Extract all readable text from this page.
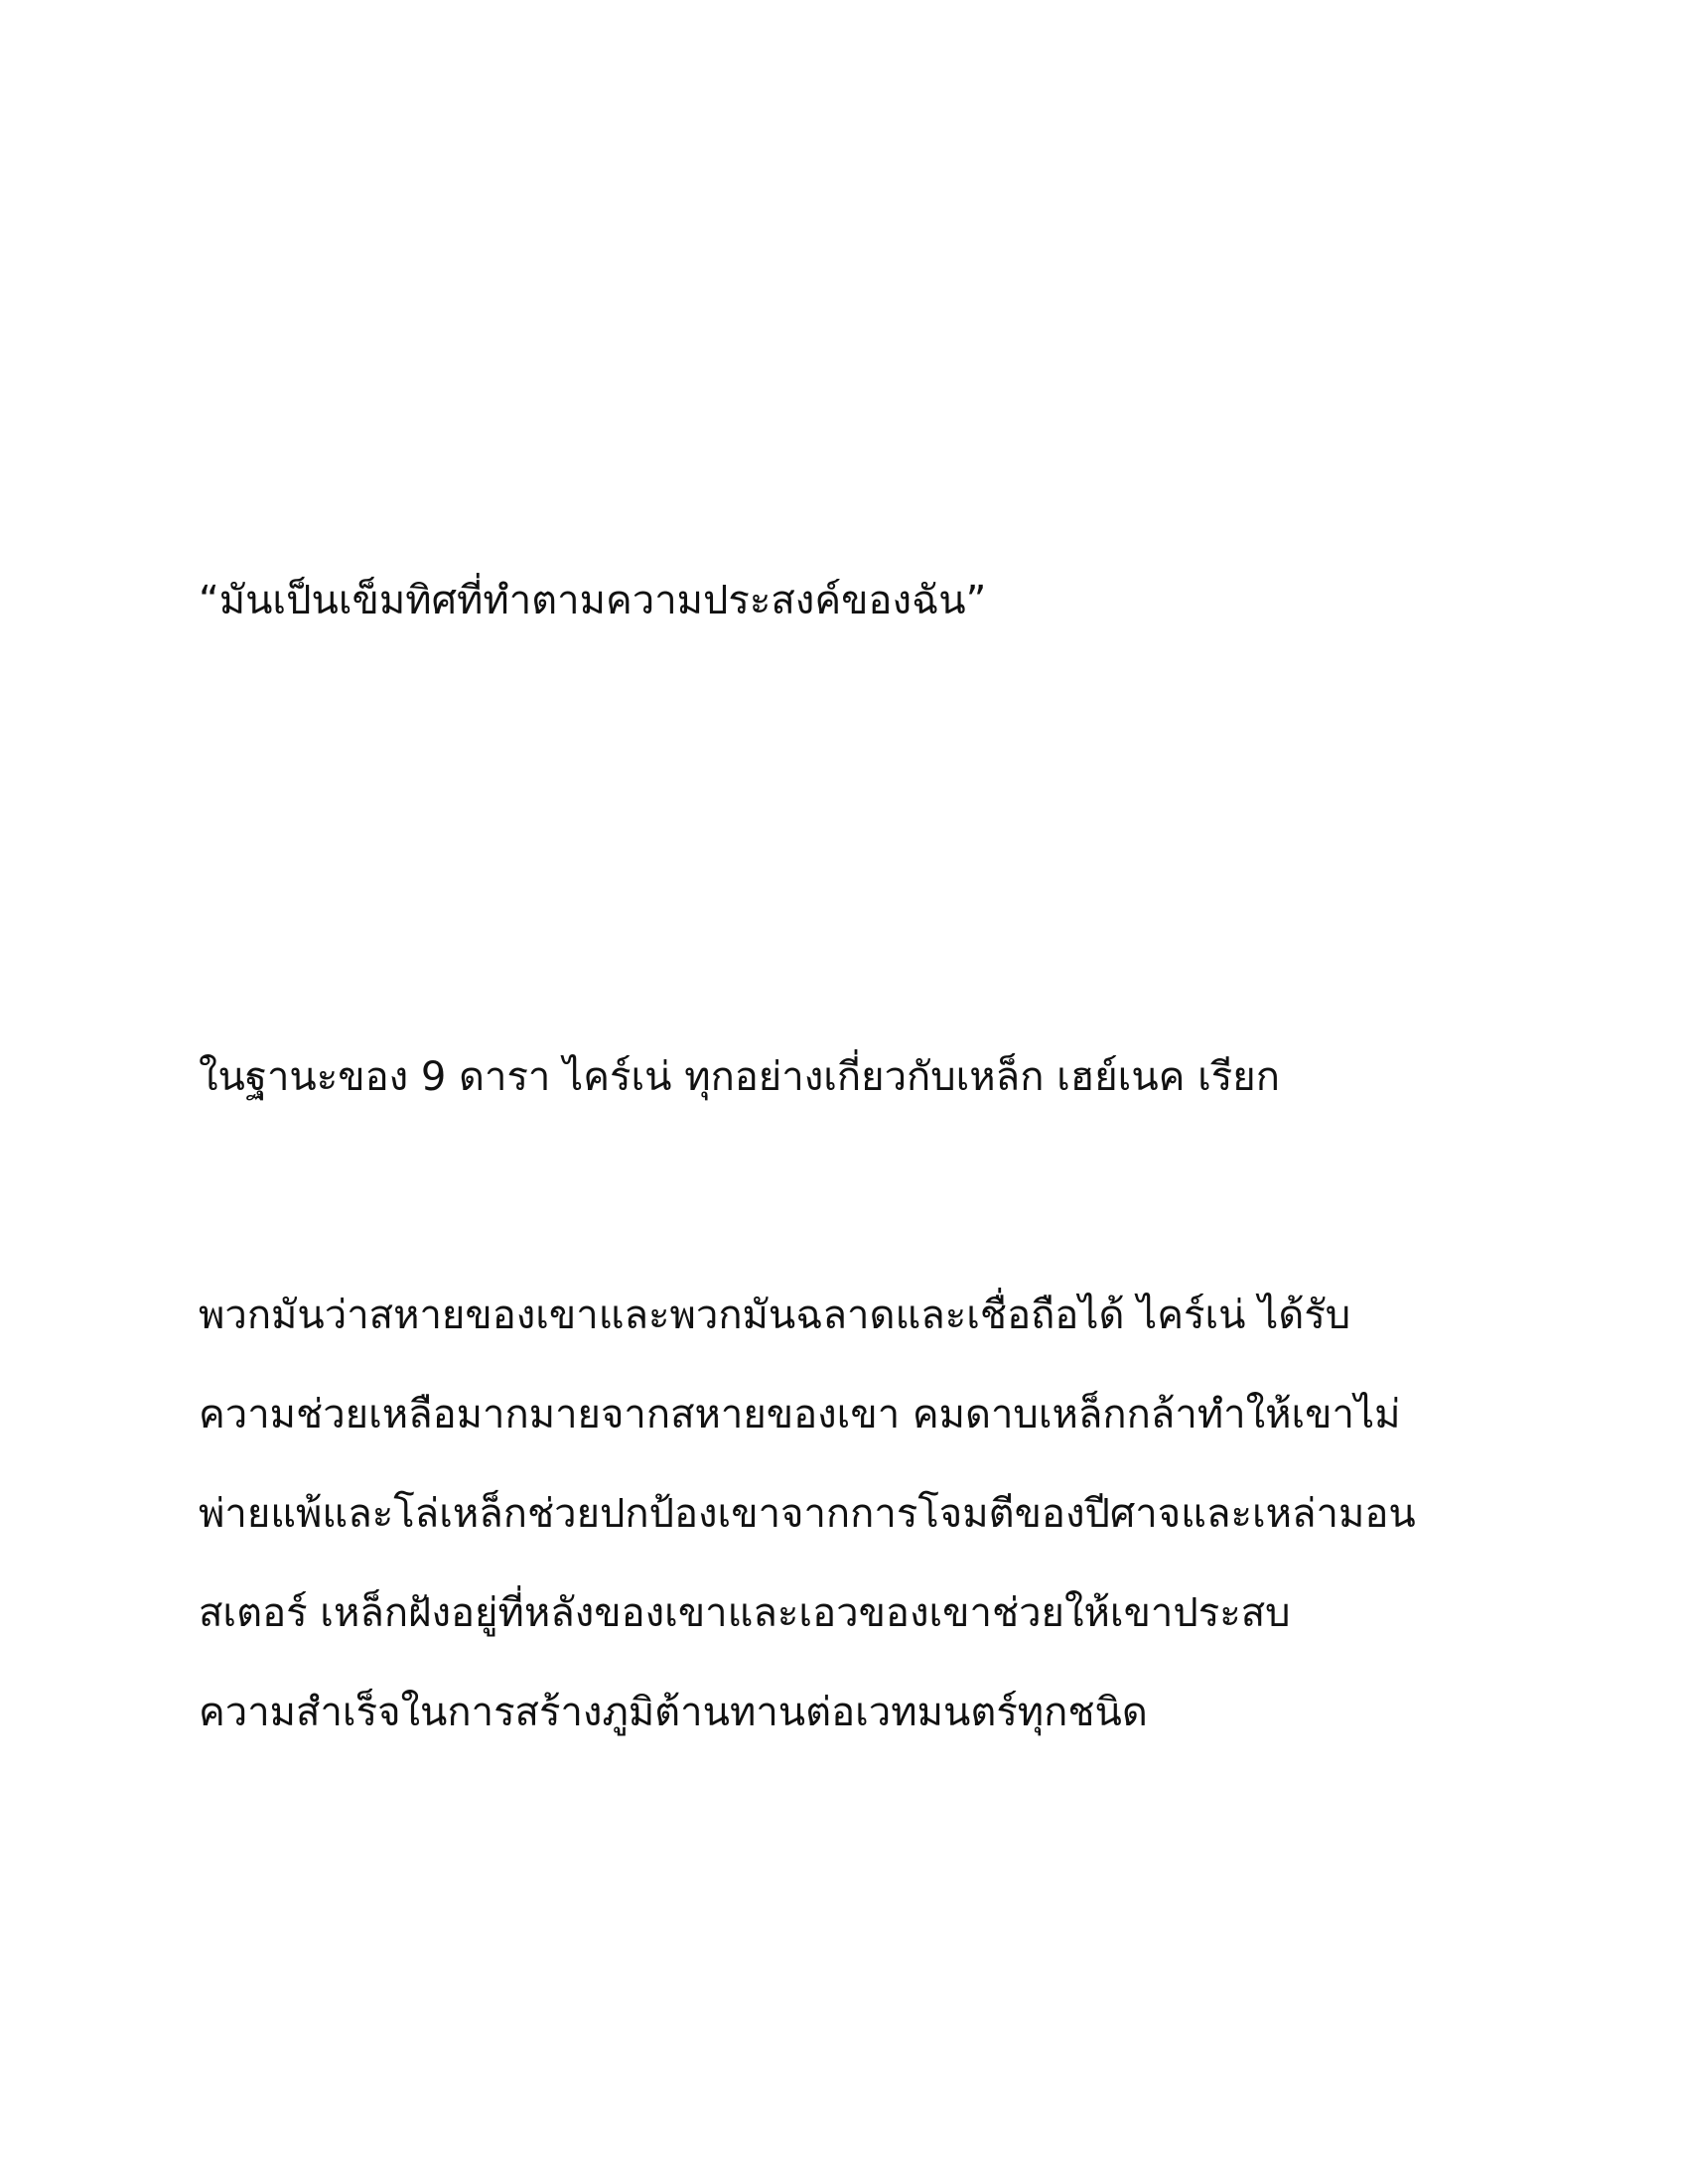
“มันเป็นเข็มทิศที่ทำตามความประสงค์ของฉัน”

ในฐานะของ 9 ดารา ไคร์เน่ ทุกอย่างเกี่ยวกับเหล็ก เฮย์เนค เรียก

พวกมันว่าสหายของเขาและพวกมันฉลาดและเชื่อถือได้ ไคร์เน่ ได้รับ

ความช่วยเหลือมากมายจากสหายของเขา คมดาบเหล็กกล้าทำให้เขาไม่

พ่ายแพ้และโล่เหล็กช่วยปกป้องเขาจากการโจมตีของปีศาจและเหล่ามอน

สเตอร์ เหล็กฝังอยู่ที่หลังของเขาและเอวของเขาช่วยให้เขาประสบ

ความสำเร็จในการสร้างภูมิต้านทานต่อเวทมนตร์ทุกชนิด
